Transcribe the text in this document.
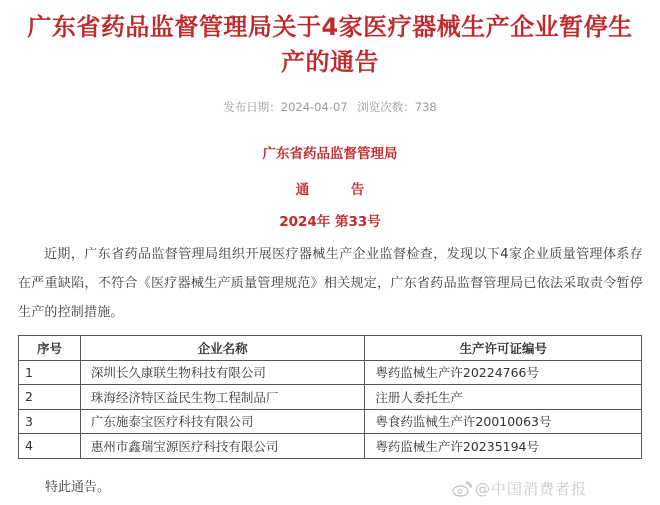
广东省药品监督管理局关于4家医疗器械生产企业暂停生
产的通告
发布日期：2024-04-07 浏览次数：738
广东省药品监督管理局
通　告
2024年 第33号
近期，广东省药品监督管理局组织开展医疗器械生产企业监督检查，发现以下4家企业质量管理体系存在严重缺陷，不符合《医疗器械生产质量管理规范》相关规定，广东省药品监督管理局已依法采取责令暂停生产的控制措施。
序号	企业名称	生产许可证编号
1	深圳长久康联生物科技有限公司	粤药监械生产许20224766号
2	珠海经济特区益民生物工程制品厂	注册人委托生产
3	广东施泰宝医疗科技有限公司	粤食药监械生产许20010063号
4	惠州市鑫瑞宝源医疗科技有限公司	粤药监械生产许20235194号
特此通告。	@中国消费者报
